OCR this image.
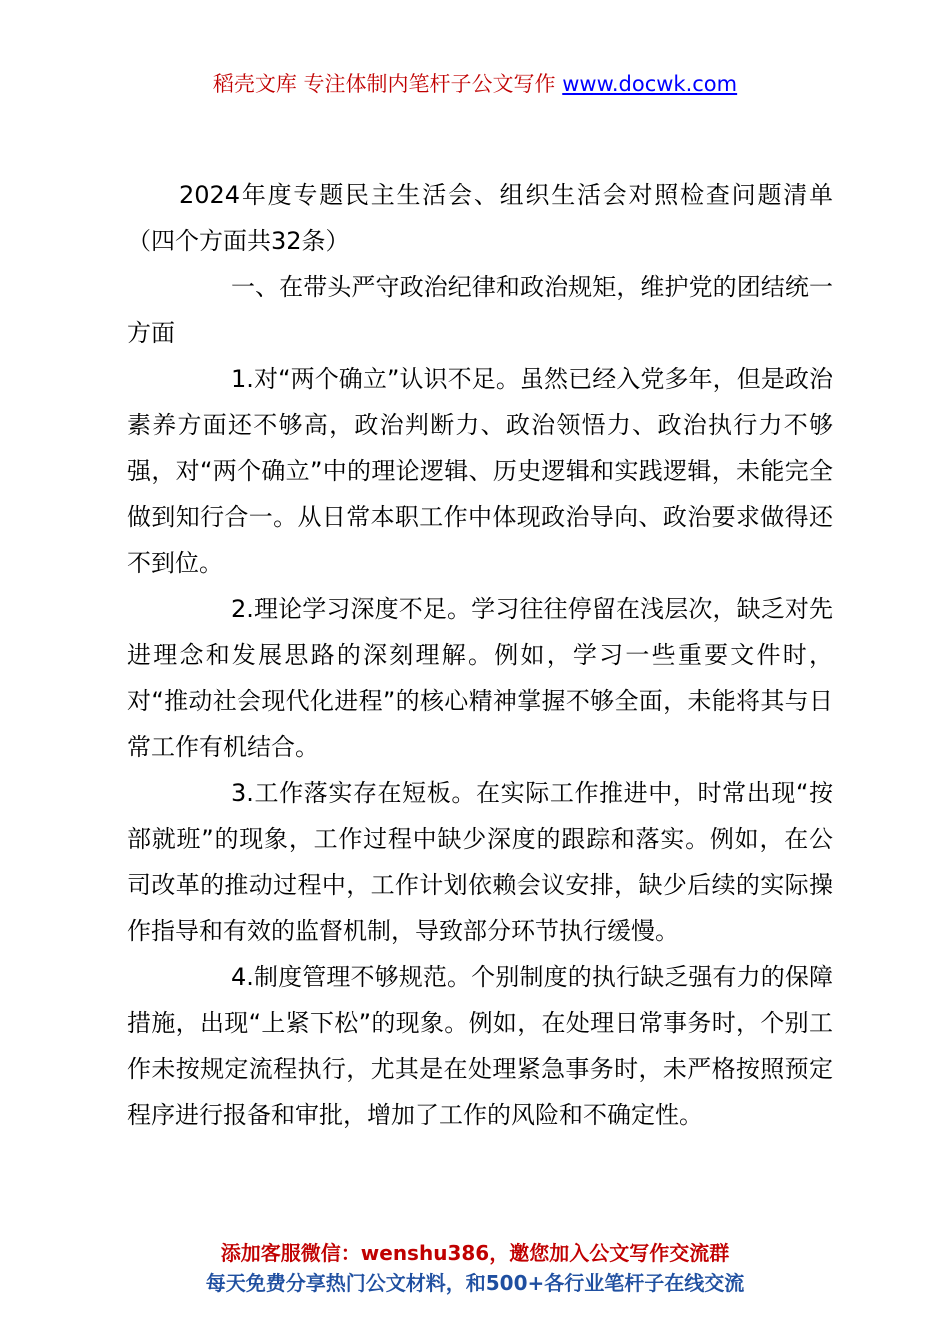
稻壳文库 专注体制内笔杆子公文写作 www.docwk.com

2024年度专题民主生活会、组织生活会对照检查问题清单（四个方面共32条）

一、在带头严守政治纪律和政治规矩，维护党的团结统一方面

1.对“两个确立”认识不足。虽然已经入党多年，但是政治素养方面还不够高，政治判断力、政治领悟力、政治执行力不够强，对“两个确立”中的理论逻辑、历史逻辑和实践逻辑，未能完全做到知行合一。从日常本职工作中体现政治导向、政治要求做得还不到位。

2.理论学习深度不足。学习往往停留在浅层次，缺乏对先进理念和发展思路的深刻理解。例如，学习一些重要文件时，对“推动社会现代化进程”的核心精神掌握不够全面，未能将其与日常工作有机结合。

3.工作落实存在短板。在实际工作推进中，时常出现“按部就班”的现象，工作过程中缺少深度的跟踪和落实。例如，在公司改革的推动过程中，工作计划依赖会议安排，缺少后续的实际操作指导和有效的监督机制，导致部分环节执行缓慢。

4.制度管理不够规范。个别制度的执行缺乏强有力的保障措施，出现“上紧下松”的现象。例如，在处理日常事务时，个别工作未按规定流程执行，尤其是在处理紧急事务时，未严格按照预定程序进行报备和审批，增加了工作的风险和不确定性。

添加客服微信：wenshu386，邀您加入公文写作交流群
每天免费分享热门公文材料，和500+各行业笔杆子在线交流
